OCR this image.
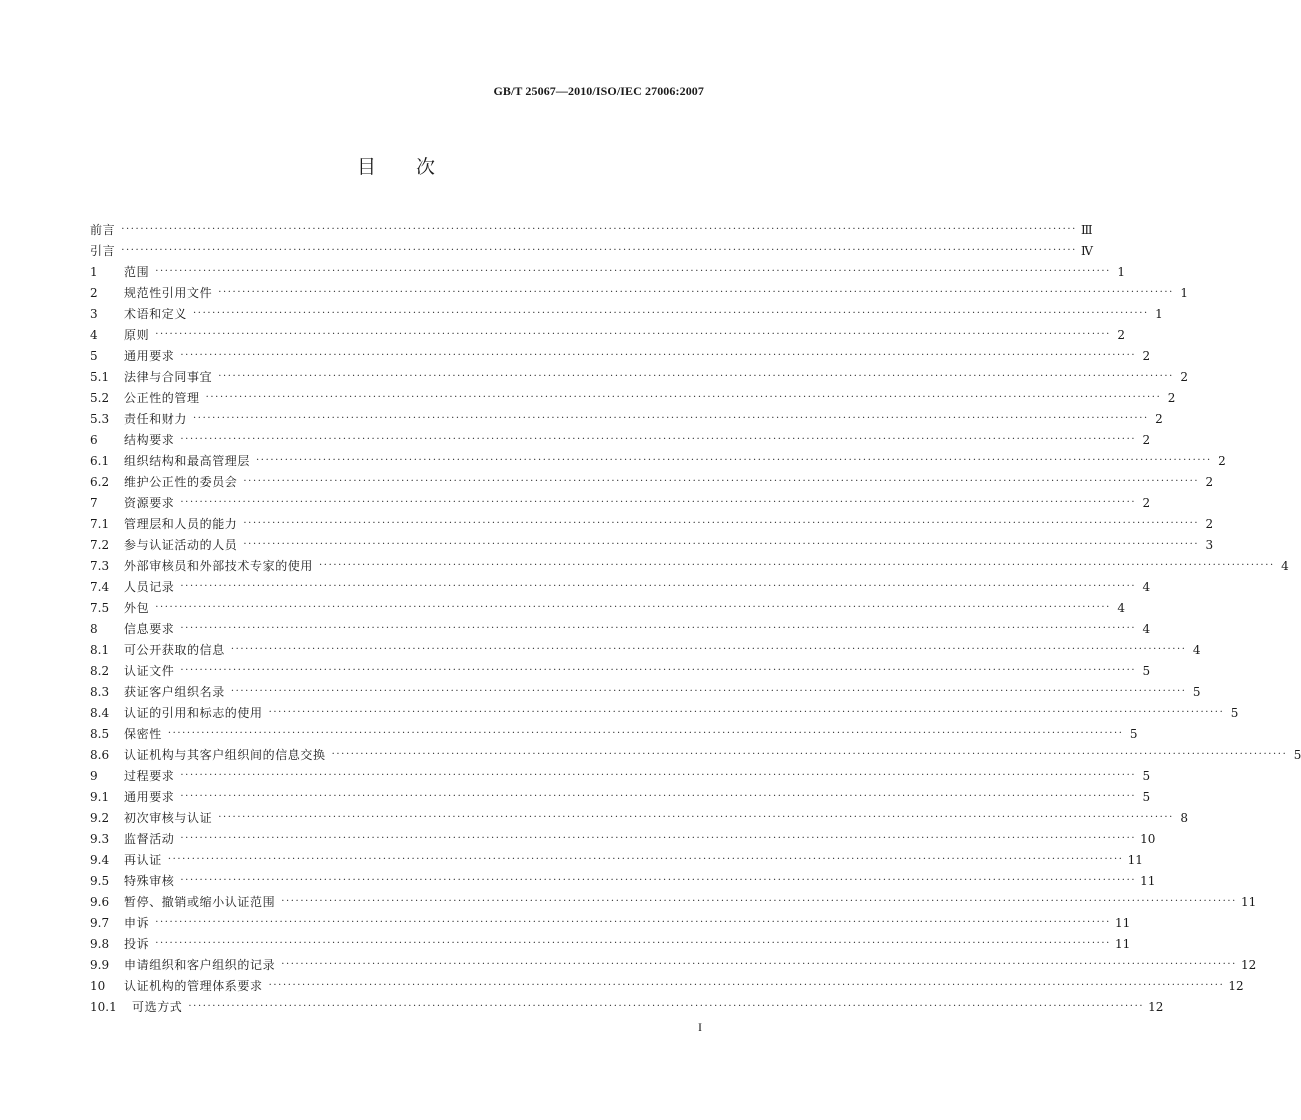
GB/T 25067—2010/ISO/IEC 27006:2007
目次
前言 ········································································································································································································ Ⅲ
引言 ········································································································································································································ Ⅳ
1	范围 ········································································································································································································ 1
2	规范性引用文件 ········································································································································································································ 1
3	术语和定义 ········································································································································································································ 1
4	原则 ········································································································································································································ 2
5	通用要求 ········································································································································································································ 2
5.1	法律与合同事宜 ········································································································································································································ 2
5.2	公正性的管理 ········································································································································································································ 2
5.3	责任和财力 ········································································································································································································ 2
6	结构要求 ········································································································································································································ 2
6.1	组织结构和最高管理层 ········································································································································································································ 2
6.2	维护公正性的委员会 ········································································································································································································ 2
7	资源要求 ········································································································································································································ 2
7.1	管理层和人员的能力 ········································································································································································································ 2
7.2	参与认证活动的人员 ········································································································································································································ 3
7.3	外部审核员和外部技术专家的使用 ········································································································································································································ 4
7.4	人员记录 ········································································································································································································ 4
7.5	外包 ········································································································································································································ 4
8	信息要求 ········································································································································································································ 4
8.1	可公开获取的信息 ········································································································································································································ 4
8.2	认证文件 ········································································································································································································ 5
8.3	获证客户组织名录 ········································································································································································································ 5
8.4	认证的引用和标志的使用 ········································································································································································································ 5
8.5	保密性 ········································································································································································································ 5
8.6	认证机构与其客户组织间的信息交换 ········································································································································································································ 5
9	过程要求 ········································································································································································································ 5
9.1	通用要求 ········································································································································································································ 5
9.2	初次审核与认证 ········································································································································································································ 8
9.3	监督活动 ········································································································································································································ 10
9.4	再认证 ········································································································································································································ 11
9.5	特殊审核 ········································································································································································································ 11
9.6	暂停、撤销或缩小认证范围 ········································································································································································································ 11
9.7	申诉 ········································································································································································································ 11
9.8	投诉 ········································································································································································································ 11
9.9	申请组织和客户组织的记录 ········································································································································································································ 12
10	认证机构的管理体系要求 ········································································································································································································ 12
10.1	可选方式 ········································································································································································································ 12
I
